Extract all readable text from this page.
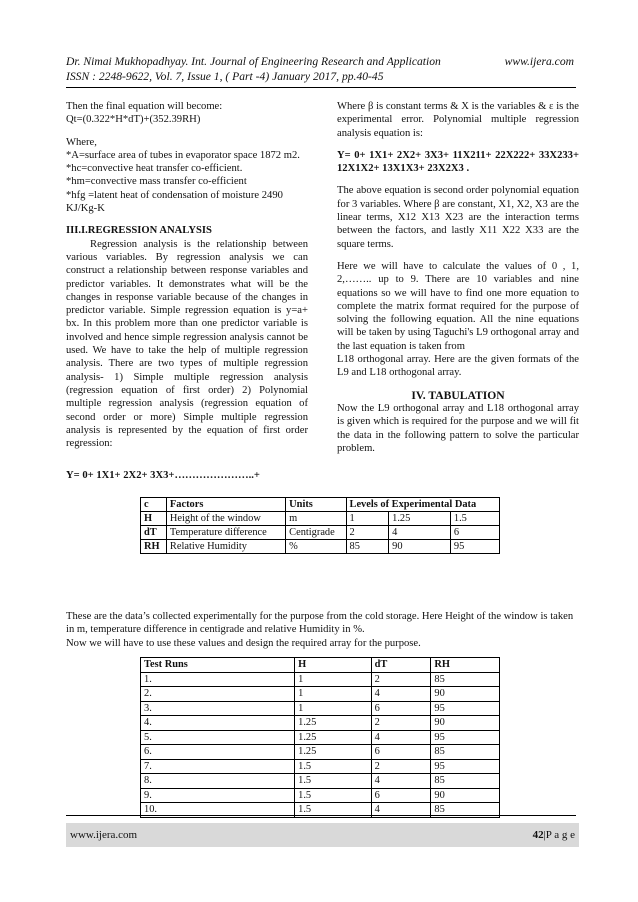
Dr. Nimai Mukhopadhyay. Int. Journal of Engineering Research and Application	www.ijera.com
ISSN : 2248-9622, Vol. 7, Issue 1, ( Part -4) January 2017, pp.40-45

Then the final equation will become:

Qt=(0.322*H*dT)+(352.39RH)

Where,

*A=surface area of tubes in evaporator space 1872 m2.

*hc=convective heat transfer co-efficient.

*hm=convective mass transfer co-efficient

*hfg =latent heat of condensation of moisture 2490 KJ/Kg-K

III.I.REGRESSION ANALYSIS

Regression analysis is the relationship between various variables. By regression analysis we can construct a relationship between response variables and predictor variables. It demonstrates what will be the changes in response variable because of the changes in predictor variable. Simple regression equation is y=a+ bx. In this problem more than one predictor variable is involved and hence simple regression analysis cannot be used. We have to take the help of multiple regression analysis. There are two types of multiple regression analysis- 1) Simple multiple regression analysis (regression equation of first order) 2) Polynomial multiple regression analysis (regression equation of second order or more) Simple multiple regression analysis is represented by the equation of first order regression:

Y= 0+ 1X1+ 2X2+ 3X3+…………………..+

Where β is constant terms & X is the variables & ε is the experimental error. Polynomial multiple regression analysis equation is:

Y= 0+ 1X1+ 2X2+ 3X3+ 11X211+ 22X222+ 33X233+ 12X1X2+ 13X1X3+ 23X2X3 .

The above equation is second order polynomial equation for 3 variables. Where β are constant, X1, X2, X3 are the linear terms, X12 X13 X23 are the interaction terms between the factors, and lastly X11 X22 X33 are the square terms.

Here we will have to calculate the values of 0 , 1, 2,…….. up to 9. There are 10 variables and nine equations so we will have to find one more equation to complete the matrix format required for the purpose of solving the following equation. All the nine equations will be taken by using Taguchi's L9 orthogonal array and the last equation is taken from

L18 orthogonal array. Here are the given formats of the L9 and L18 orthogonal array.

IV. TABULATION

Now the L9 orthogonal array and L18 orthogonal array is given which is required for the purpose and we will fit the data in the following pattern to solve the particular problem.

c	Factors	Units	Levels of Experimental Data		
H	Height of the window	m	1	1.25	1.5
dT	Temperature difference	Centigrade	2	4	6
RH	Relative Humidity	%	85	90	95

These are the data’s collected experimentally for the purpose from the cold storage. Here Height of the window is taken in m, temperature difference in centigrade and relative Humidity in %.

Now we will have to use these values and design the required array for the purpose.

Test Runs	H	dT	RH
1.	1	2	85
2.	1	4	90
3.	1	6	95
4.	1.25	2	90
5.	1.25	4	95
6.	1.25	6	85
7.	1.5	2	95
8.	1.5	4	85
9.	1.5	6	90
10.	1.5	4	85
www.ijera.com	42|P a g e
